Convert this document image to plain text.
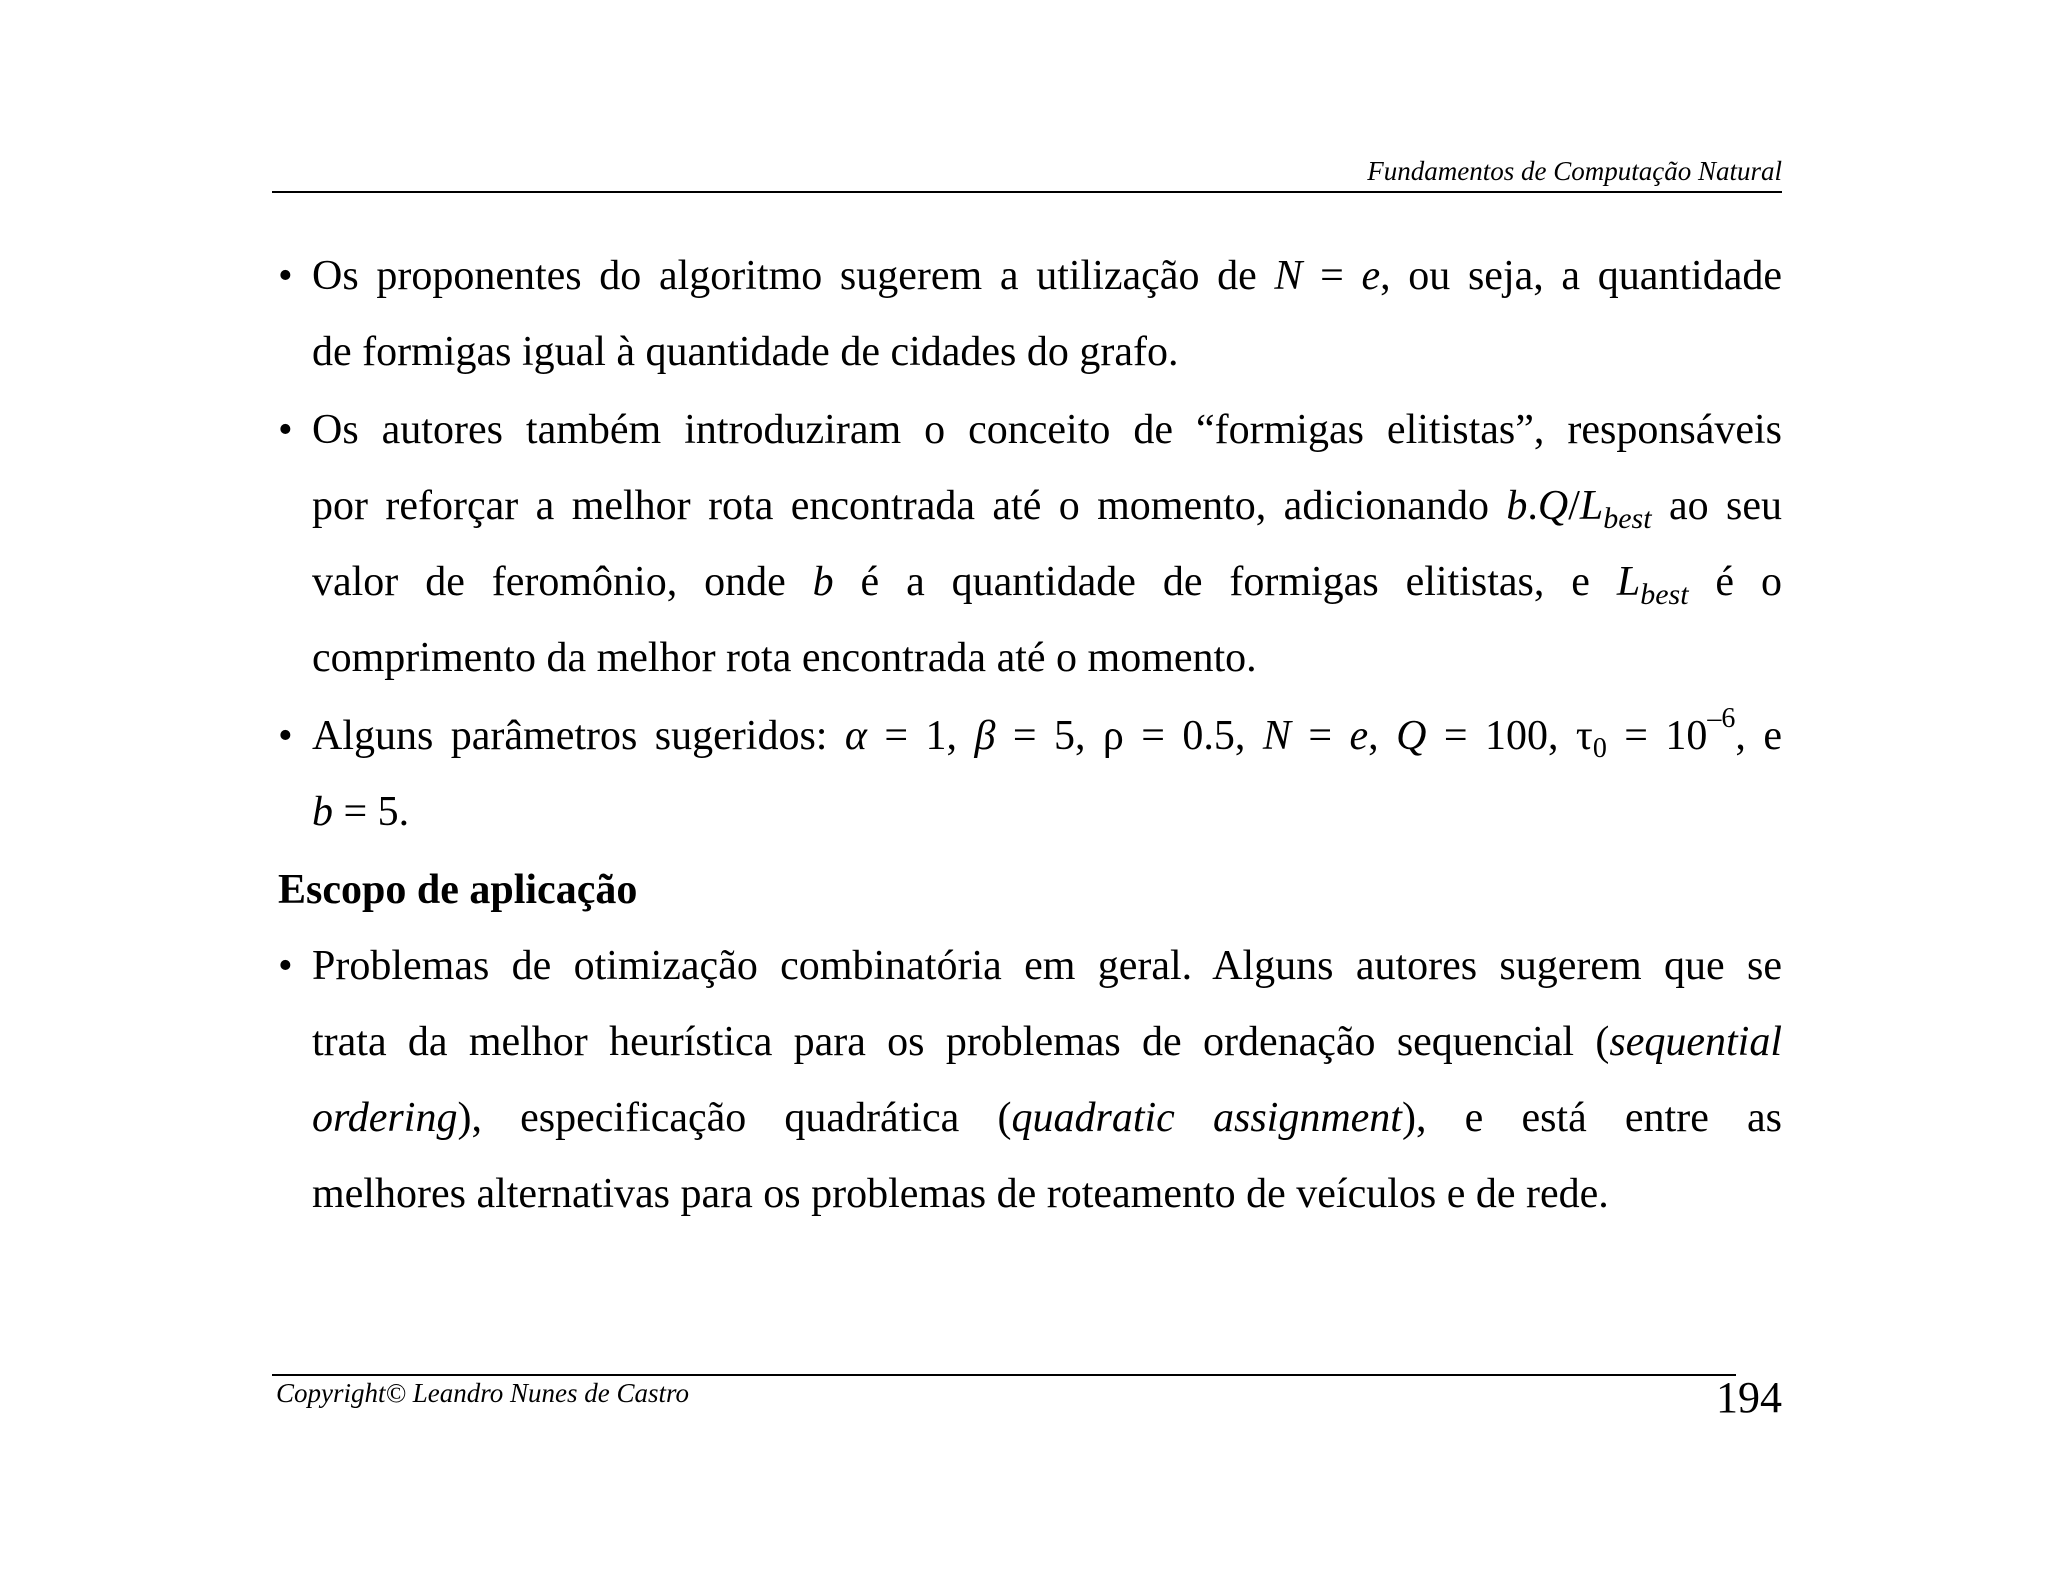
Fundamentos de Computação Natural
• Os proponentes do algoritmo sugerem a utilização de N = e, ou seja, a quantidade
de formigas igual à quantidade de cidades do grafo.
• Os autores também introduziram o conceito de “formigas elitistas”, responsáveis
por reforçar a melhor rota encontrada até o momento, adicionando $b.Q/L_{best}$ ao seu
valor de feromônio, onde b é a quantidade de formigas elitistas, e $L_{best}$ é o
comprimento da melhor rota encontrada até o momento.
• Alguns parâmetros sugeridos: α = 1, β = 5, ρ = 0.5, N = e, Q = 100, $\tau 0 = 10^{-6}$, e
b = 5.
Escopo de aplicação
• Problemas de otimização combinatória em geral. Alguns autores sugerem que se
trata da melhor heurística para os problemas de ordenação sequencial (sequential
ordering), especificação quadrática (quadratic assignment), e está entre as
melhores alternativas para os problemas de roteamento de veículos e de rede.
Copyright© Leandro Nunes de Castro	194
